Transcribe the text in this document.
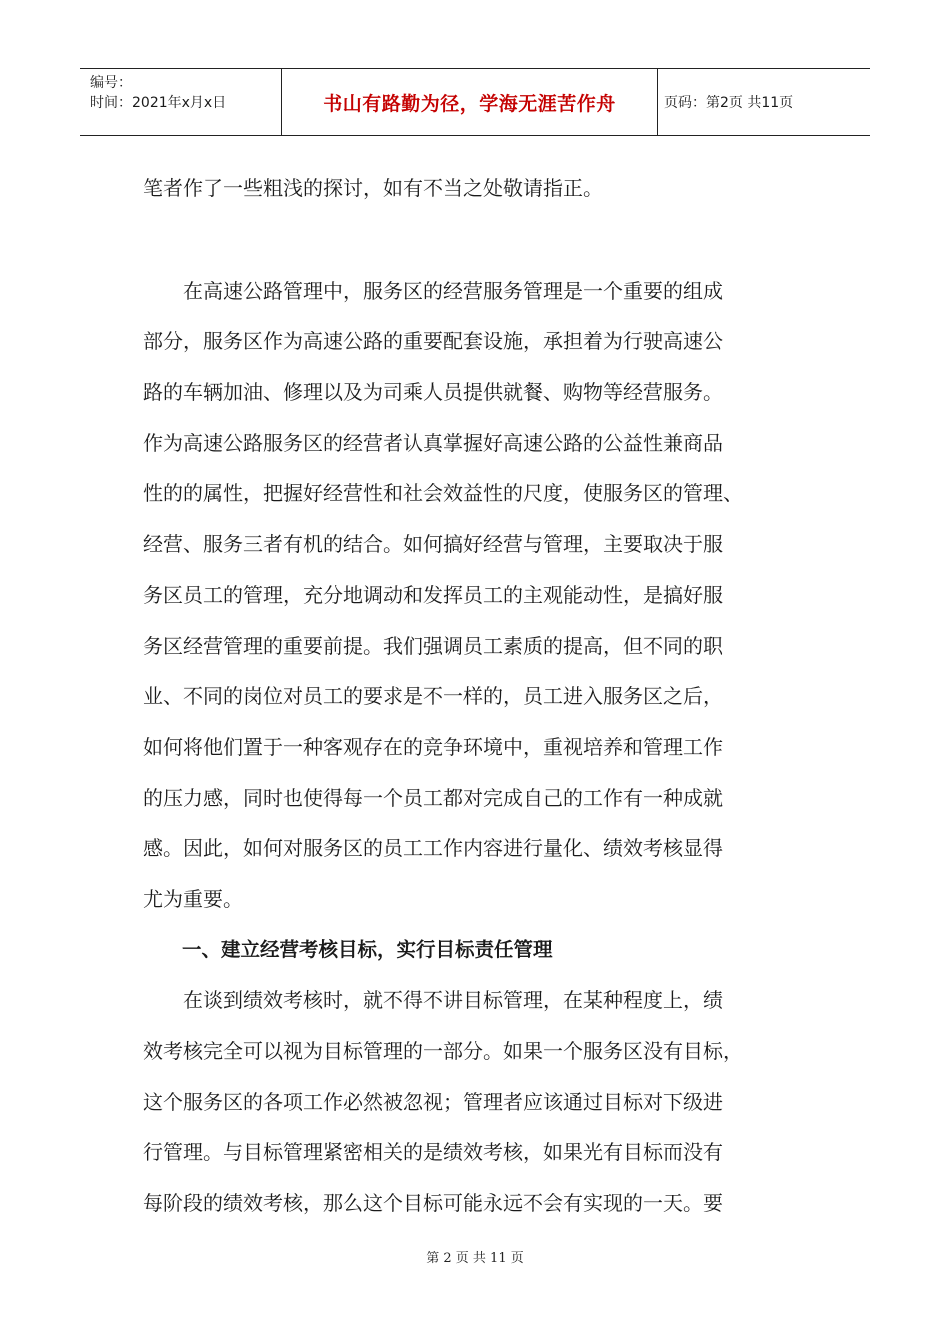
编号：
时间：2021年x月x日	书山有路勤为径，学海无涯苦作舟	页码：第2页 共11页
笔者作了一些粗浅的探讨，如有不当之处敬请指正。
　　在高速公路管理中，服务区的经营服务管理是一个重要的组成
部分，服务区作为高速公路的重要配套设施，承担着为行驶高速公
路的车辆加油、修理以及为司乘人员提供就餐、购物等经营服务。
作为高速公路服务区的经营者认真掌握好高速公路的公益性兼商品
性的的属性，把握好经营性和社会效益性的尺度，使服务区的管理、
经营、服务三者有机的结合。如何搞好经营与管理，主要取决于服
务区员工的管理，充分地调动和发挥员工的主观能动性，是搞好服
务区经营管理的重要前提。我们强调员工素质的提高，但不同的职
业、不同的岗位对员工的要求是不一样的，员工进入服务区之后，
如何将他们置于一种客观存在的竞争环境中，重视培养和管理工作
的压力感，同时也使得每一个员工都对完成自己的工作有一种成就
感。因此，如何对服务区的员工工作内容进行量化、绩效考核显得
尤为重要。
　　一、建立经营考核目标，实行目标责任管理
　　在谈到绩效考核时，就不得不讲目标管理，在某种程度上，绩
效考核完全可以视为目标管理的一部分。如果一个服务区没有目标，
这个服务区的各项工作必然被忽视；管理者应该通过目标对下级进
行管理。与目标管理紧密相关的是绩效考核，如果光有目标而没有
每阶段的绩效考核，那么这个目标可能永远不会有实现的一天。要
第 2 页 共 11 页
